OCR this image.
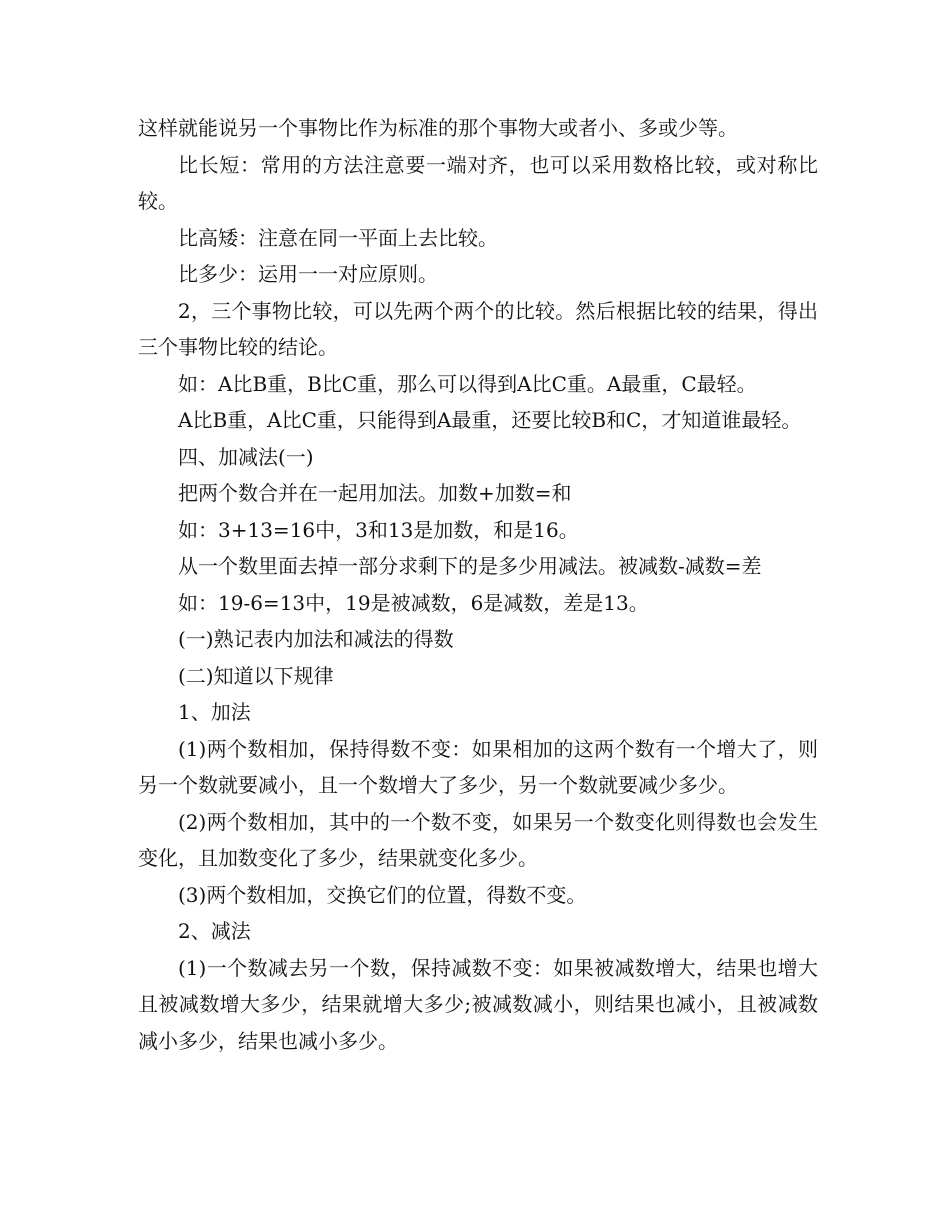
这样就能说另一个事物比作为标准的那个事物大或者小、多或少等。

比长短：常用的方法注意要一端对齐，也可以采用数格比较，或对称比较。

比高矮：注意在同一平面上去比较。

比多少：运用一一对应原则。

2，三个事物比较，可以先两个两个的比较。然后根据比较的结果，得出三个事物比较的结论。

如：A比B重，B比C重，那么可以得到A比C重。A最重，C最轻。

A比B重，A比C重，只能得到A最重，还要比较B和C，才知道谁最轻。

四、加减法(一)

把两个数合并在一起用加法。加数+加数=和

如：3+13=16中，3和13是加数，和是16。

从一个数里面去掉一部分求剩下的是多少用减法。被减数-减数=差

如：19-6=13中，19是被减数，6是减数，差是13。

(一)熟记表内加法和减法的得数

(二)知道以下规律

1、加法

(1)两个数相加，保持得数不变：如果相加的这两个数有一个增大了，则另一个数就要减小，且一个数增大了多少，另一个数就要减少多少。

(2)两个数相加，其中的一个数不变，如果另一个数变化则得数也会发生变化，且加数变化了多少，结果就变化多少。

(3)两个数相加，交换它们的位置，得数不变。

2、减法

(1)一个数减去另一个数，保持减数不变：如果被减数增大，结果也增大且被减数增大多少，结果就增大多少;被减数减小，则结果也减小，且被减数减小多少，结果也减小多少。
